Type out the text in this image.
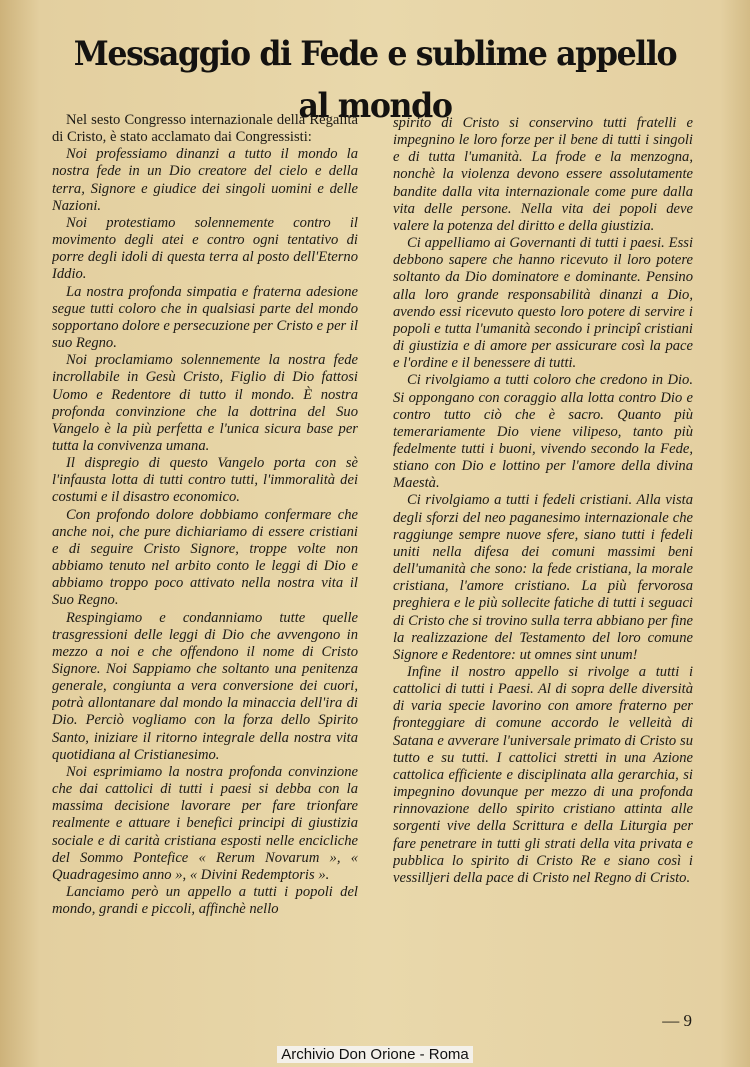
Messaggio di Fede e sublime appello al mondo

Nel sesto Congresso internazionale della Regalità di Cristo, è stato acclamato dai Congressisti:

Noi professiamo dinanzi a tutto il mondo la nostra fede in un Dio creatore del cielo e della terra, Signore e giudice dei singoli uomini e delle Nazioni.

Noi protestiamo solennemente contro il movimento degli atei e contro ogni tentativo di porre degli idoli di questa terra al posto dell'Eterno Iddio.

La nostra profonda simpatia e fraterna adesione segue tutti coloro che in qualsiasi parte del mondo sopportano dolore e persecuzione per Cristo e per il suo Regno.

Noi proclamiamo solennemente la nostra fede incrollabile in Gesù Cristo, Figlio di Dio fattosi Uomo e Redentore di tutto il mondo. È nostra profonda convinzione che la dottrina del Suo Vangelo è la più perfetta e l'unica sicura base per tutta la convivenza umana.

Il dispregio di questo Vangelo porta con sè l'infausta lotta di tutti contro tutti, l'immoralità dei costumi e il disastro economico.

Con profondo dolore dobbiamo confermare che anche noi, che pure dichiariamo di essere cristiani e di seguire Cristo Signore, troppe volte non abbiamo tenuto nel arbito conto le leggi di Dio e abbiamo troppo poco attivato nella nostra vita il Suo Regno.

Respingiamo e condanniamo tutte quelle trasgressioni delle leggi di Dio che avvengono in mezzo a noi e che offendono il nome di Cristo Signore. Noi Sappiamo che soltanto una penitenza generale, congiunta a vera conversione dei cuori, potrà allontanare dal mondo la minaccia dell'ira di Dio. Perciò vogliamo con la forza dello Spirito Santo, iniziare il ritorno integrale della nostra vita quotidiana al Cristianesimo.

Noi esprimiamo la nostra profonda convinzione che dai cattolici di tutti i paesi si debba con la massima decisione lavorare per fare trionfare realmente e attuare i benefici principi di giustizia sociale e di carità cristiana esposti nelle encicliche del Sommo Pontefice « Rerum Novarum », « Quadragesimo anno », « Divini Redemptoris ».

Lanciamo però un appello a tutti i popoli del mondo, grandi e piccoli, affinchè nello

spirito di Cristo si conservino tutti fratelli e impegnino le loro forze per il bene di tutti i singoli e di tutta l'umanità. La frode e la menzogna, nonchè la violenza devono essere assolutamente bandite dalla vita internazionale come pure dalla vita delle persone. Nella vita dei popoli deve valere la potenza del diritto e della giustizia.

Ci appelliamo ai Governanti di tutti i paesi. Essi debbono sapere che hanno ricevuto il loro potere soltanto da Dio dominatore e dominante. Pensino alla loro grande responsabilità dinanzi a Dio, avendo essi ricevuto questo loro potere di servire i popoli e tutta l'umanità secondo i principî cristiani di giustizia e di amore per assicurare così la pace e l'ordine e il benessere di tutti.

Ci rivolgiamo a tutti coloro che credono in Dio. Si oppongano con coraggio alla lotta contro Dio e contro tutto ciò che è sacro. Quanto più temerariamente Dio viene vilipeso, tanto più fedelmente tutti i buoni, vivendo secondo la Fede, stiano con Dio e lottino per l'amore della divina Maestà.

Ci rivolgiamo a tutti i fedeli cristiani. Alla vista degli sforzi del neo paganesimo internazionale che raggiunge sempre nuove sfere, siano tutti i fedeli uniti nella difesa dei comuni massimi beni dell'umanità che sono: la fede cristiana, la morale cristiana, l'amore cristiano. La più fervorosa preghiera e le più sollecite fatiche di tutti i seguaci di Cristo che si trovino sulla terra abbiano per fine la realizzazione del Testamento del loro comune Signore e Redentore: ut omnes sint unum!

Infine il nostro appello si rivolge a tutti i cattolici di tutti i Paesi. Al di sopra delle diversità di varia specie lavorino con amore fraterno per fronteggiare di comune accordo le velleità di Satana e avverare l'universale primato di Cristo su tutto e su tutti. I cattolici stretti in una Azione cattolica efficiente e disciplinata alla gerarchia, si impegnino dovunque per mezzo di una profonda rinnovazione dello spirito cristiano attinta alle sorgenti vive della Scrittura e della Liturgia per fare penetrare in tutti gli strati della vita privata e pubblica lo spirito di Cristo Re e siano così i vessilljeri della pace di Cristo nel Regno di Cristo.

— 9
Archivio Don Orione - Roma
